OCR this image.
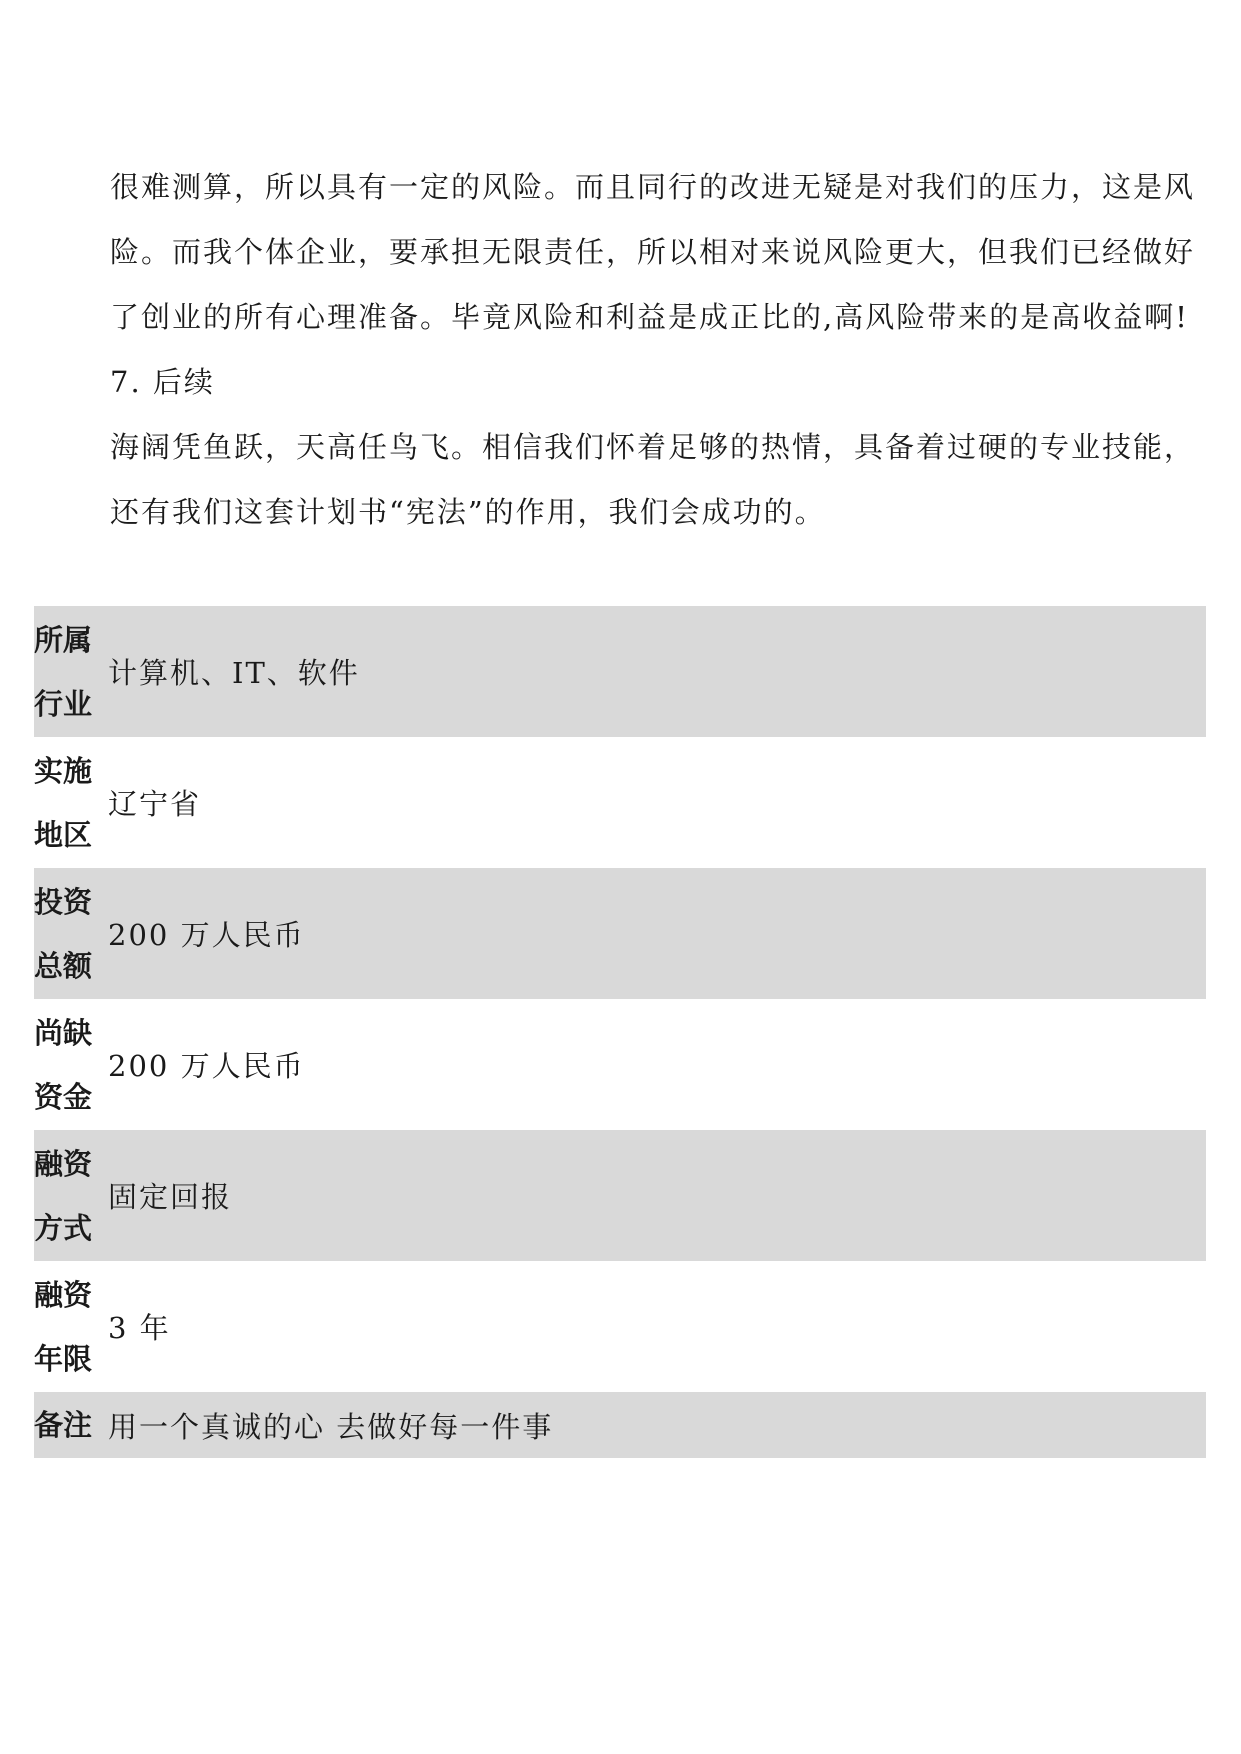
很难测算，所以具有一定的风险。而且同行的改进无疑是对我们的压力，这是风

险。而我个体企业，要承担无限责任，所以相对来说风险更大，但我们已经做好

了创业的所有心理准备。毕竟风险和利益是成正比的,高风险带来的是高收益啊!

7. 后续

海阔凭鱼跃，天高任鸟飞。相信我们怀着足够的热情，具备着过硬的专业技能，

还有我们这套计划书“宪法”的作用，我们会成功的。

所属
行业
计算机、IT、软件
实施
地区
辽宁省
投资
总额
200 万人民币
尚缺
资金
200 万人民币
融资
方式
固定回报
融资
年限
3 年
备注 用一个真诚的心 去做好每一件事
